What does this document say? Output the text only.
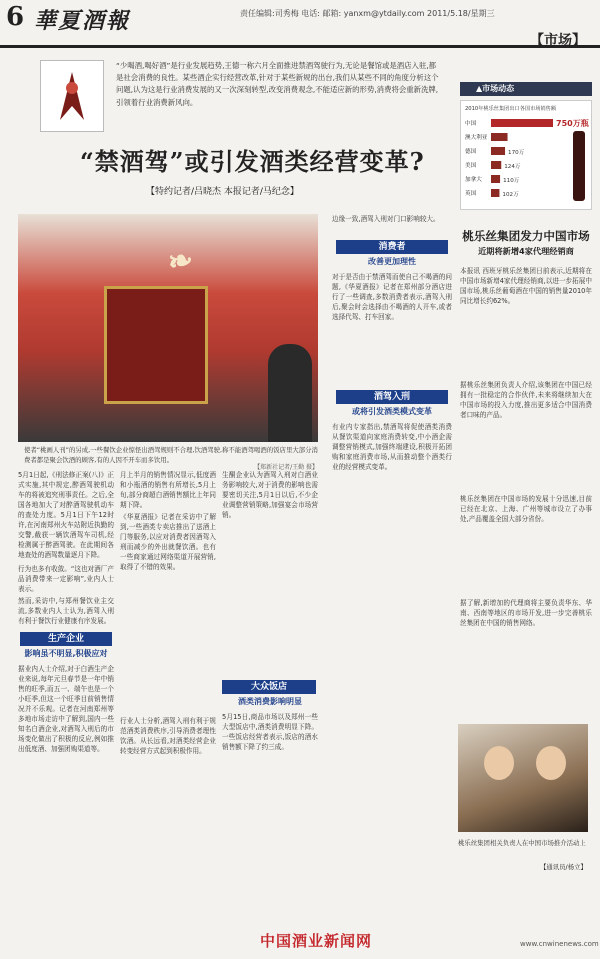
6 華夏酒報	责任编辑:司秀梅 电话: 邮箱: yanxm@ytdaily.com 2011/5.18/星期三
【市场】
“少喝酒,喝好酒”是行业发展趋势,王德一称六月全面推进禁酒驾驶行为,无论是餐馆或是酒店入驻,都是社会消费的良性。某些酒企实行经营改革,针对于某些新规的出台,我们从某些不同的角度分析这个问题,认为这是行业消费发展的又一次深刻转型,改变消费观念,不能适应新的形势,消费将会重新洗牌,引领着行业消费新风向。
“禁酒驾”或引发酒类经营变革?
【特约记者/吕晓杰 本报记者/马纪念】
❧
使者“桃画人刊”的另成,一些餐饮企业惊怪出酒驾规则不合理,饮酒驾驶,称不能酒驾喝酒的饭店里大部分消费者都是聚会饮酒的顾客,有的人因不开车而多饮用。
5月1日起,《刑法修正案(八)》正式实施,其中规定,醉酒驾驶机动车的将被追究刑事责任。之后,全国各地加大了对醉酒驾驶机动车的查处力度。5月1日下午12时许,在河南郑州火车站附近执勤的交警,截获一辆饮酒驾车司机,经检测属于醉酒驾驶。在此期间各地查处的酒驾数量逐月下降。
行为也多有收敛。“这也对酒厂产品消费带来一定影响”,业内人士表示。
然而,采访中,与郑州餐饮业主交流,多数业内人士认为,酒驾入刑有利于餐饮行业健康有序发展。
生产企业
影响虽不明显,积极应对
据业内人士介绍,对于白酒生产企业来说,每年元旦春节是一年中销售的旺季,而五一、端午也是一个小旺季,但这一个旺季目前销售情况并不乐观。记者在河南郑州等多地市场走访中了解到,国内一些知名白酒企业,对酒驾入刑后的市场变化做出了积极的反应,例如推出低度酒、加强团购渠道等。
月上半月的销售情况显示,低度酒和小瓶酒的销售有所增长,5月上旬,部分商超白酒销售额比上年同期下降。
《华夏酒报》记者在采访中了解到,一些酒类专卖店推出了送酒上门等服务,以应对消费者因酒驾入刑而减少的外出就餐饮酒。也有一些商家通过网络渠道开展营销,取得了不错的效果。
行业人士分析,酒驾入刑有利于规范酒类消费秩序,引导消费者理性饮酒。从长远看,对酒类经营企业转变经营方式起到积极作用。
生酮企业认为酒驾入刑对白酒业务影响较大,对于消费的影响也需要密切关注,5月1日以后,不少企业调整营销策略,加强宴会市场营销。
大众饭店
酒类消费影响明显
5月15日,商品市场以及郑州一些大型饭店中,酒类消费明显下降。一些饭店经营者表示,饭店的酒水销售额下降了约三成。
边缘一致,酒驾入刑对门口影响较大。
消费者
改善更加理性
对于是否由于禁酒驾而使自己不喝酒的问题,《华夏酒报》记者在郑州部分酒店进行了一些调查,多数消费者表示,酒驾入刑后,聚会时会选择由不喝酒的人开车,或者选择代驾、打车回家。
酒驾入刑
或将引发酒类模式变革
有业内专家指出,禁酒驾将促使酒类消费从餐饮渠道向家庭消费转变,中小酒企需调整营销模式,加强终端建设,积极开拓团购和家庭消费市场,从而推动整个酒类行业的经营模式变革。
▲市场动态
2010年桃乐丝集团出口各国市场销售额
中国	750万瓶
澳大利亚
德国	170万
美国	124万
加拿大	110万
英国	102万
桃乐丝集团发力中国市场
近期将新增4家代理经销商
本报讯 西班牙桃乐丝集团日前表示,近期将在中国市场新增4家代理经销商,以进一步拓展中国市场,桃乐丝葡萄酒在中国的销售量2010年同比增长约62%。
据桃乐丝集团负责人介绍,该集团在中国已经拥有一批稳定的合作伙伴,未来将继续加大在中国市场的投入力度,推出更多适合中国消费者口味的产品。
桃乐丝集团在中国市场的发展十分迅速,目前已经在北京、上海、广州等城市设立了办事处,产品覆盖全国大部分省份。
据了解,新增加的代理商将主要负责华东、华南、西南等地区的市场开发,进一步完善桃乐丝集团在中国的销售网络。
桃乐丝集团相关负责人在中国市场推介活动上
【通讯员/杨立】
中国酒业新闻网	www.cnwinenews.com
【郑新社记者/王勤 摄】
